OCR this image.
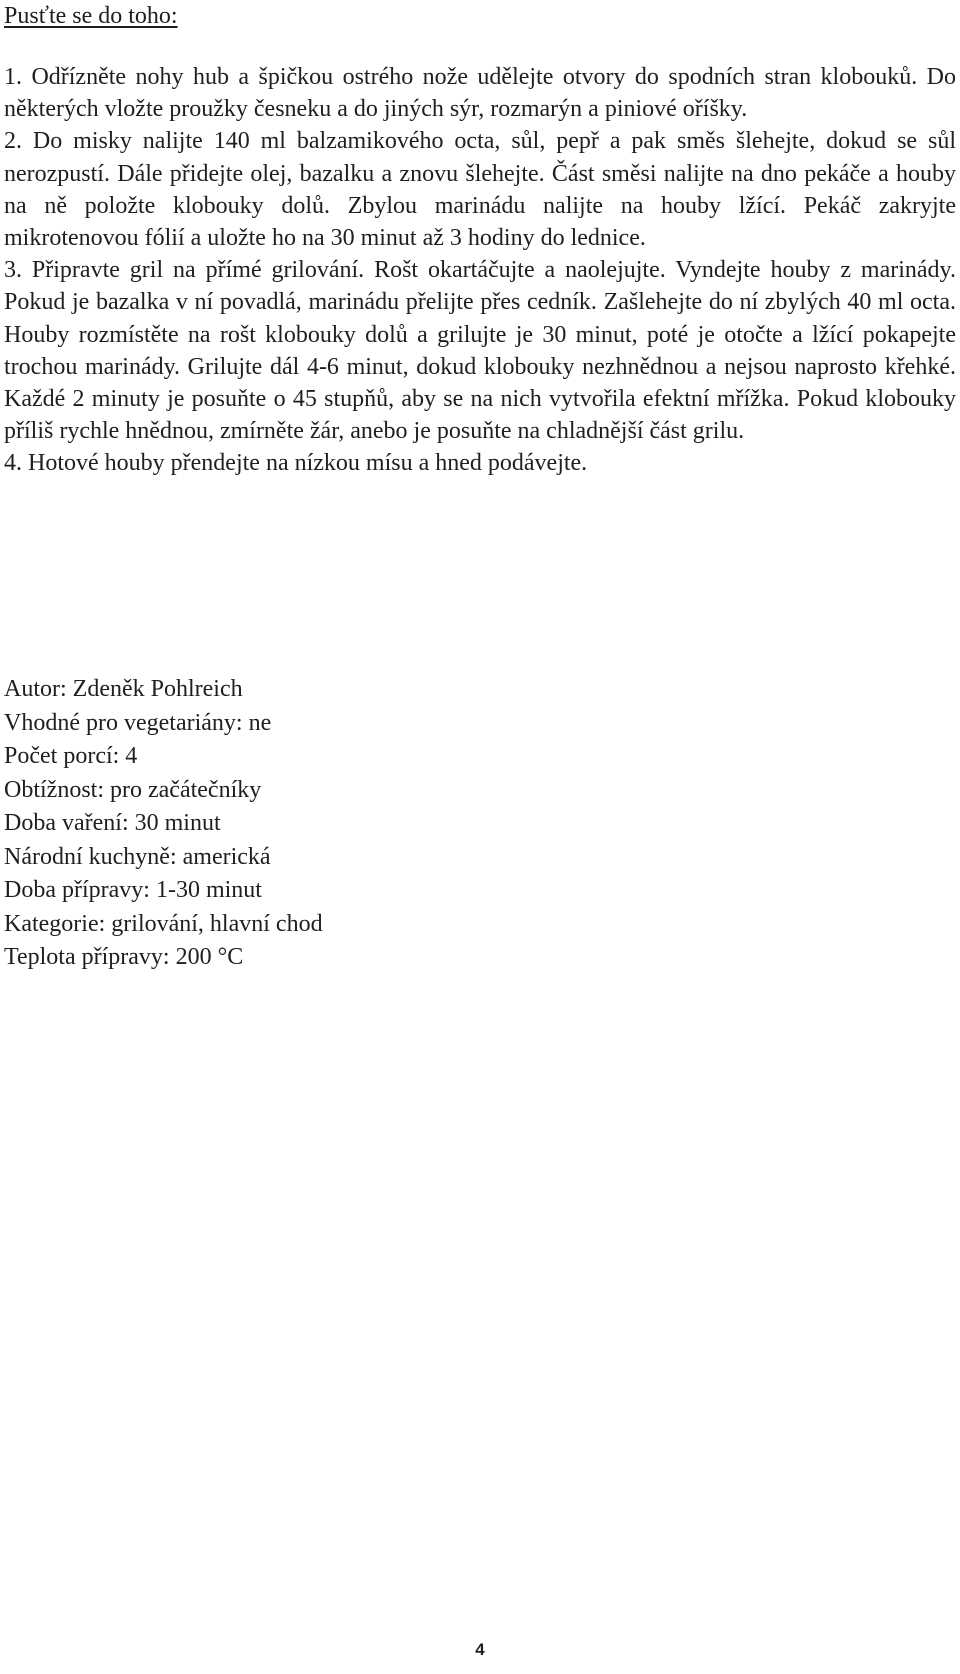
Pusťte se do toho:

1. Odřízněte nohy hub a špičkou ostrého nože udělejte otvory do spodních stran klobouků. Do některých vložte proužky česneku a do jiných sýr, rozmarýn a piniové oříšky.

2. Do misky nalijte 140 ml balzamikového octa, sůl, pepř a pak směs šlehejte, dokud se sůl nerozpustí. Dále přidejte olej, bazalku a znovu šlehejte. Část směsi nalijte na dno pekáče a houby na ně položte klobouky dolů. Zbylou marinádu nalijte na houby lžící. Pekáč zakryjte mikrotenovou fólií a uložte ho na 30 minut až 3 hodiny do lednice.

3. Připravte gril na přímé grilování. Rošt okartáčujte a naolejujte. Vyndejte houby z marinády. Pokud je bazalka v ní povadlá, marinádu přelijte přes cedník. Zašlehejte do ní zbylých 40 ml octa. Houby rozmístěte na rošt klobouky dolů a grilujte je 30 minut, poté je otočte a lžící pokapejte trochou marinády. Grilujte dál 4-6 minut, dokud klobouky nezhnědnou a nejsou naprosto křehké. Každé 2 minuty je posuňte o 45 stupňů, aby se na nich vytvořila efektní mřížka. Pokud klobouky příliš rychle hnědnou, zmírněte žár, anebo je posuňte na chladnější část grilu.

4. Hotové houby přendejte na nízkou mísu a hned podávejte.

Autor: Zdeněk Pohlreich

Vhodné pro vegetariány: ne

Počet porcí: 4

Obtížnost: pro začátečníky

Doba vaření: 30 minut

Národní kuchyně: americká

Doba přípravy: 1-30 minut

Kategorie: grilování, hlavní chod

Teplota přípravy: 200 °C

4
